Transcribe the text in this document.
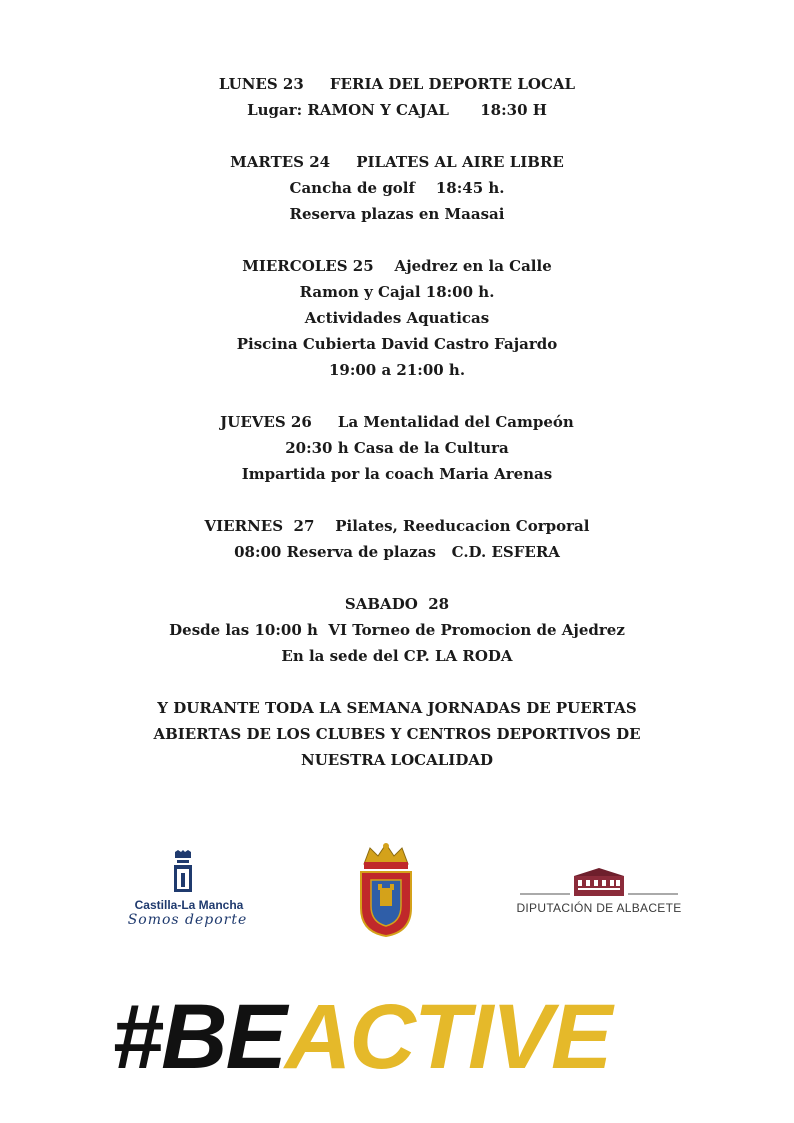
LUNES 23     FERIA DEL DEPORTE LOCAL
Lugar: RAMON Y CAJAL      18:30 H
MARTES 24     PILATES AL AIRE LIBRE
Cancha de golf    18:45 h.
Reserva plazas en Maasai
MIERCOLES 25    Ajedrez en la Calle
Ramon y Cajal 18:00 h.
Actividades Aquaticas
Piscina Cubierta David Castro Fajardo
19:00 a 21:00 h.
JUEVES 26     La Mentalidad del Campeón
20:30 h Casa de la Cultura
Impartida por la coach Maria Arenas
VIERNES  27    Pilates, Reeducacion Corporal
08:00 Reserva de plazas   C.D. ESFERA
SABADO  28
Desde las 10:00 h  VI Torneo de Promocion de Ajedrez
En la sede del CP. LA RODA
Y DURANTE TODA LA SEMANA JORNADAS DE PUERTAS
ABIERTAS DE LOS CLUBES Y CENTROS DEPORTIVOS DE
NUESTRA LOCALIDAD
Castilla-La Mancha
Somos deporte
DIPUTACIÓN DE ALBACETE
#BEACTIVE
